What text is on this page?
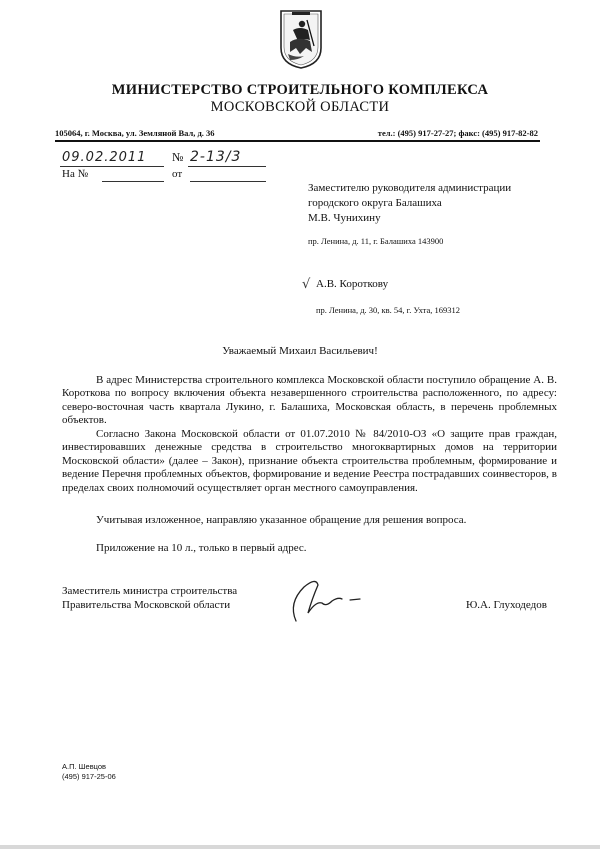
МИНИСТЕРСТВО СТРОИТЕЛЬНОГО КОМПЛЕКСА
МОСКОВСКОЙ ОБЛАСТИ
105064, г. Москва, ул. Земляной Вал, д. 36	тел.: (495) 917-27-27; факс: (495) 917-82-82
09.02.2011 № 2-13/3
На №	от
Заместителю руководителя администрации
городского округа Балашиха
М.В. Чунихину
пр. Ленина, д. 11, г. Балашиха 143900
√ А.В. Короткову
пр. Ленина, д. 30, кв. 54, г. Ухта, 169312
Уважаемый Михаил Васильевич!

В адрес Министерства строительного комплекса Московской области поступило обращение А. В. Короткова по вопросу включения объекта незавершенного строительства расположенного, по адресу: северо-восточная часть квартала Лукино, г. Балашиха, Московская область, в перечень проблемных объектов.

Согласно Закона Московской области от 01.07.2010 № 84/2010-ОЗ «О защите прав граждан, инвестировавших денежные средства в строительство многоквартирных домов на территории Московской области» (далее – Закон), признание объекта строительства проблемным, формирование и ведение Перечня проблемных объектов, формирование и ведение Реестра пострадавших соинвесторов, в пределах своих полномочий осуществляет орган местного самоуправления.

Учитывая изложенное, направляю указанное обращение для решения вопроса.

Приложение на 10 л., только в первый адрес.

Заместитель министра строительства
Правительства Московской области	Ю.А. Глуходедов
А.П. Шевцов
(495) 917-25-06
